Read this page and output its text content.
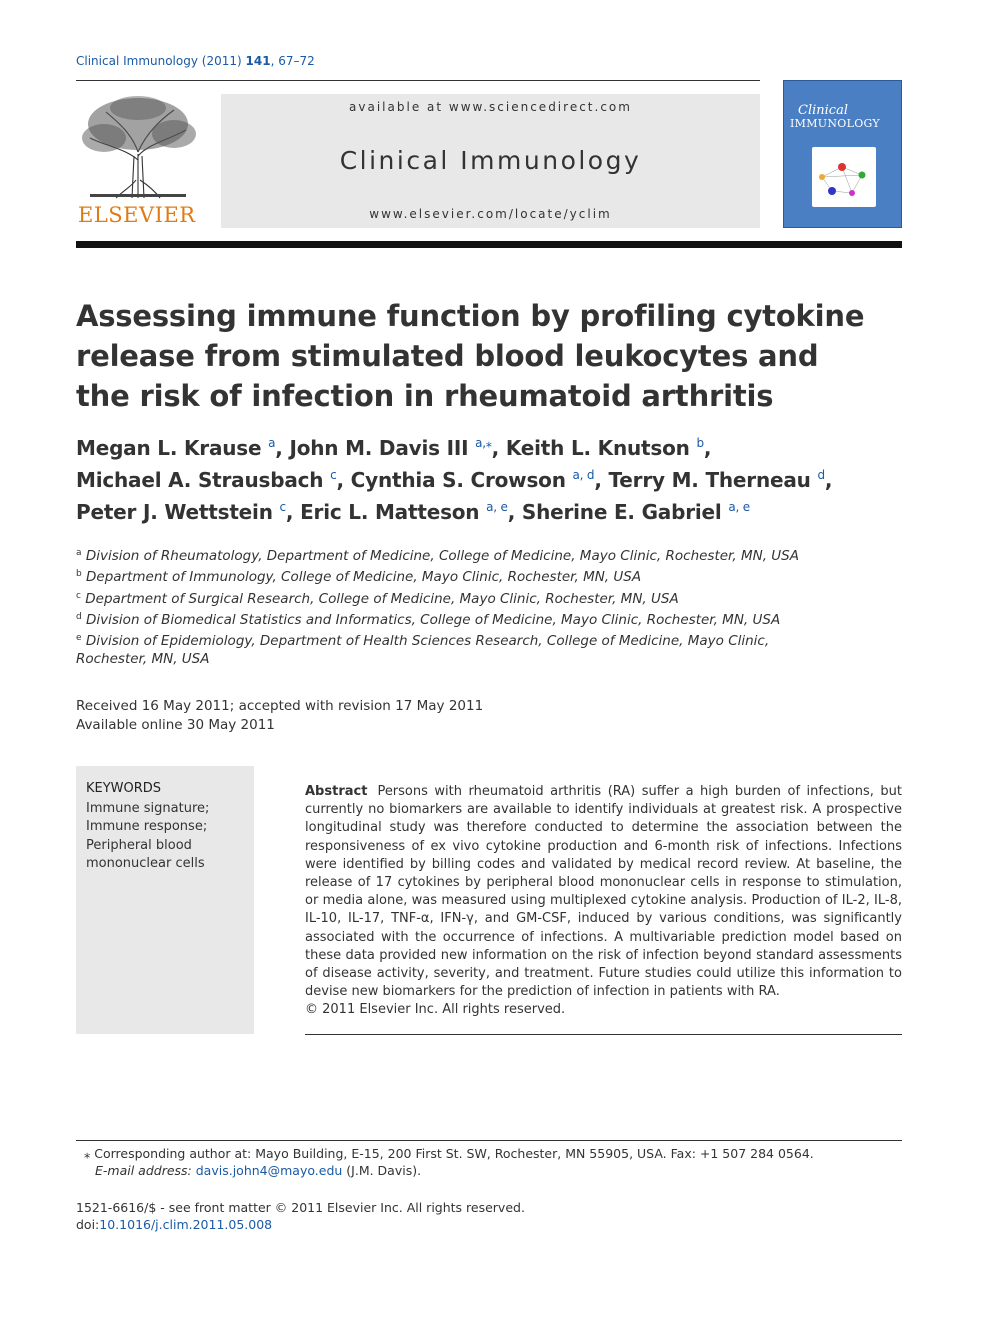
Clinical Immunology (2011) 141, 67–72
ELSEVIER
available at www.sciencedirect.com
Clinical Immunology
www.elsevier.com/locate/yclim
Clinical
IMMUNOLOGY
Assessing immune function by profiling cytokine release from stimulated blood leukocytes and the risk of infection in rheumatoid arthritis
Megan L. Krause $^a$, John M. Davis III $^{a,⁎}$, Keith L. Knutson $^b$,
Michael A. Strausbach $^c$, Cynthia S. Crowson $^{a, d}$, Terry M. Therneau $^d$,
Peter J. Wettstein $^c$, Eric L. Matteson $^{a, e}$, Sherine E. Gabriel $^{a, e}$
$^a$ Division of Rheumatology, Department of Medicine, College of Medicine, Mayo Clinic, Rochester, MN, USA
$^b$ Department of Immunology, College of Medicine, Mayo Clinic, Rochester, MN, USA
$^c$ Department of Surgical Research, College of Medicine, Mayo Clinic, Rochester, MN, USA
$^d$ Division of Biomedical Statistics and Informatics, College of Medicine, Mayo Clinic, Rochester, MN, USA
$^e$ Division of Epidemiology, Department of Health Sciences Research, College of Medicine, Mayo Clinic, Rochester, MN, USA
Received 16 May 2011; accepted with revision 17 May 2011
Available online 30 May 2011
KEYWORDS
Immune signature;
Immune response;
Peripheral blood mononuclear cells
Abstract Persons with rheumatoid arthritis (RA) suffer a high burden of infections, but currently no biomarkers are available to identify individuals at greatest risk. A prospective longitudinal study was therefore conducted to determine the association between the responsiveness of ex vivo cytokine production and 6-month risk of infections. Infections were identified by billing codes and validated by medical record review. At baseline, the release of 17 cytokines by peripheral blood mononuclear cells in response to stimulation, or media alone, was measured using multiplexed cytokine analysis. Production of IL-2, IL-8, IL-10, IL-17, TNF-α, IFN-γ, and GM-CSF, induced by various conditions, was significantly associated with the occurrence of infections. A multivariable prediction model based on these data provided new information on the risk of infection beyond standard assessments of disease activity, severity, and treatment. Future studies could utilize this information to devise new biomarkers for the prediction of infection in patients with RA.
© 2011 Elsevier Inc. All rights reserved.
⁎ Corresponding author at: Mayo Building, E-15, 200 First St. SW, Rochester, MN 55905, USA. Fax: +1 507 284 0564.
E-mail address: davis.john4@mayo.edu (J.M. Davis).
1521-6616/$ - see front matter © 2011 Elsevier Inc. All rights reserved.
doi:10.1016/j.clim.2011.05.008
